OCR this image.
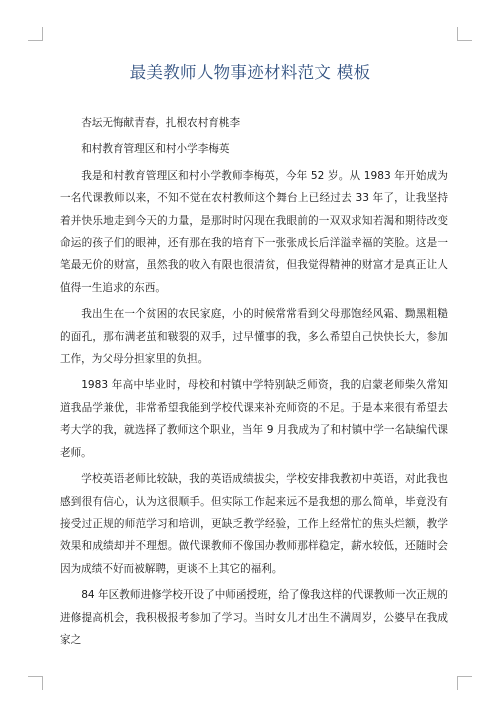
最美教师人物事迹材料范文 模板

杏坛无悔献青春，扎根农村育桃李

和村教育管理区和村小学李梅英

我是和村教育管理区和村小学教师李梅英，今年 52 岁。从 1983 年开始成为一名代课教师以来，不知不觉在农村教师这个舞台上已经过去 33 年了，让我坚持着并快乐地走到今天的力量，是那时时闪现在我眼前的一双双求知若渴和期待改变命运的孩子们的眼神，还有那在我的培育下一张张成长后洋溢幸福的笑脸。这是一笔最无价的财富，虽然我的收入有限也很清贫，但我觉得精神的财富才是真正让人值得一生追求的东西。

我出生在一个贫困的农民家庭，小的时候常常看到父母那饱经风霜、黝黑粗糙的面孔，那布满老茧和皲裂的双手，过早懂事的我，多么希望自己快快长大，参加工作，为父母分担家里的负担。

1983 年高中毕业时，母校和村镇中学特别缺乏师资，我的启蒙老师柴久常知道我品学兼优，非常希望我能到学校代课来补充师资的不足。于是本来很有希望去考大学的我，就选择了教师这个职业，当年 9 月我成为了和村镇中学一名缺编代课老师。

学校英语老师比较缺，我的英语成绩拔尖，学校安排我教初中英语，对此我也感到很有信心，认为这很顺手。但实际工作起来远不是我想的那么简单，毕竟没有接受过正规的师范学习和培训，更缺乏教学经验，工作上经常忙的焦头烂额，教学效果和成绩却并不理想。做代课教师不像国办教师那样稳定，薪水较低，还随时会因为成绩不好而被解聘，更谈不上其它的福利。

84 年区教师进修学校开设了中师函授班，给了像我这样的代课教师一次正规的进修提高机会，我积极报考参加了学习。当时女儿才出生不满周岁，公婆早在我成家之
